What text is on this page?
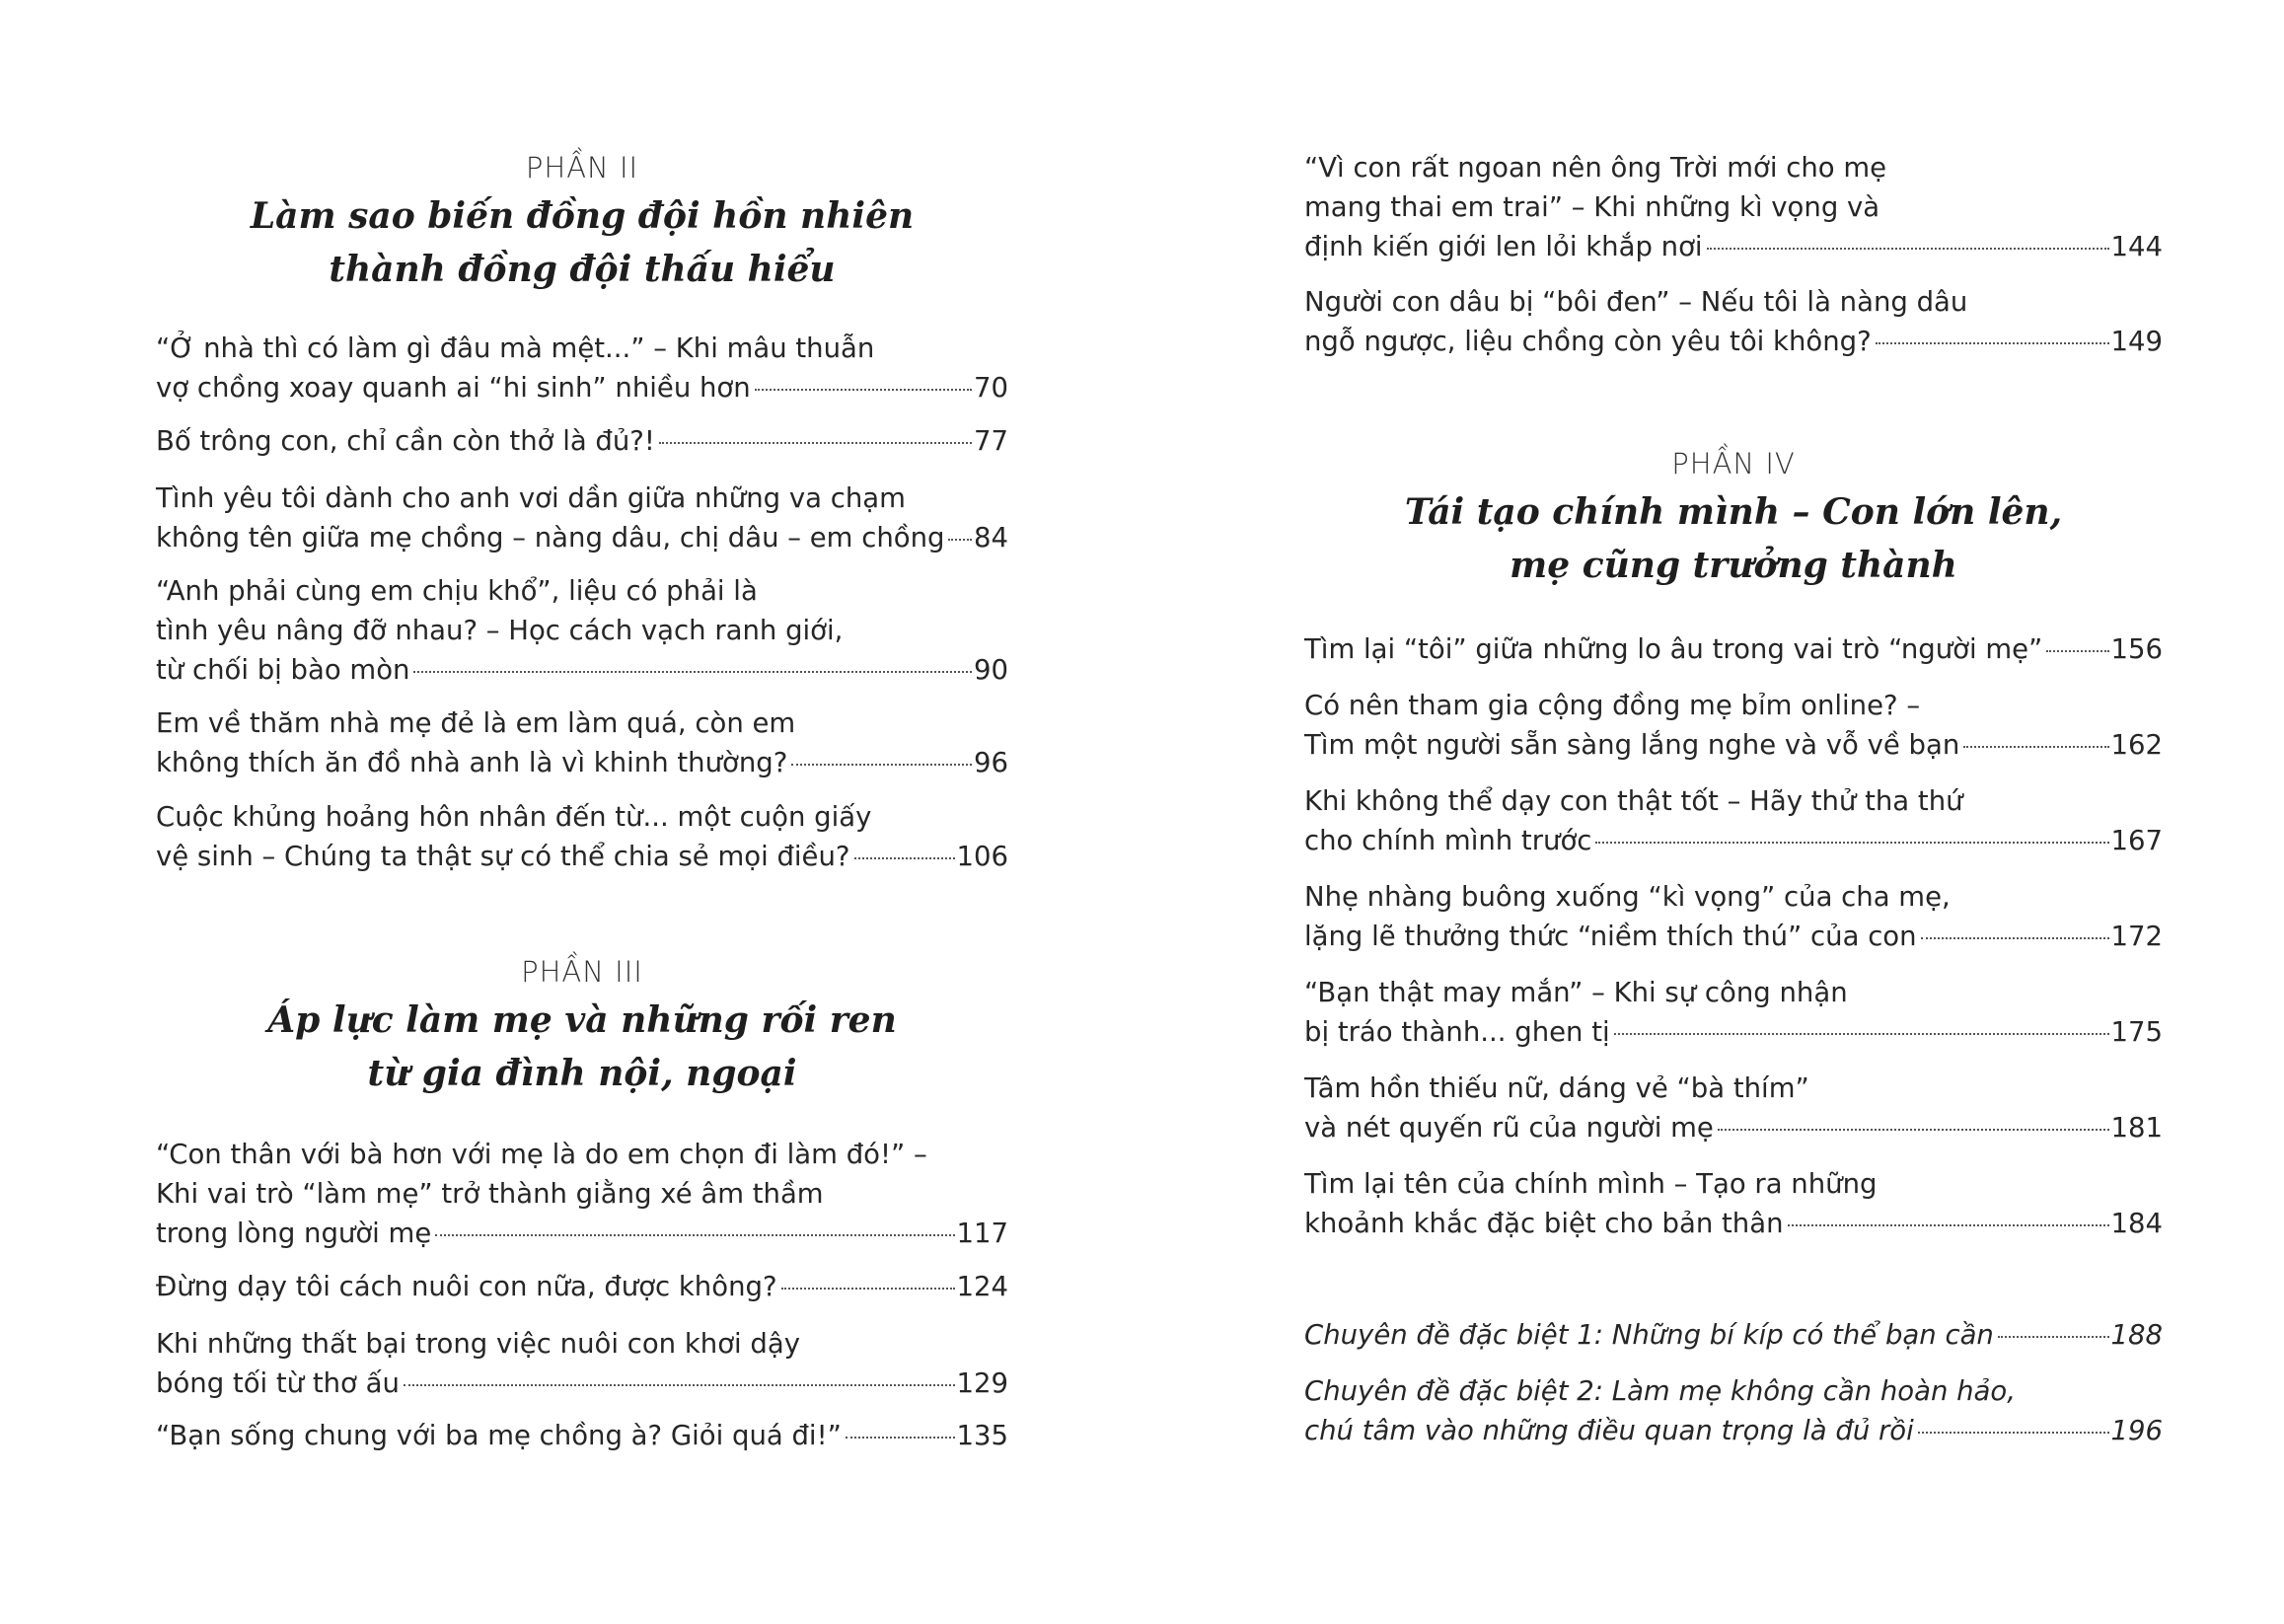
PHẦN II
Làm sao biến đồng đội hồn nhiên
thành đồng đội thấu hiểu
“Ở nhà thì có làm gì đâu mà mệt...” – Khi mâu thuẫn
vợ chồng xoay quanh ai “hi sinh” nhiều hơn	70
Bố trông con, chỉ cần còn thở là đủ?!	77
Tình yêu tôi dành cho anh vơi dần giữa những va chạm
không tên giữa mẹ chồng – nàng dâu, chị dâu – em chồng 84
“Anh phải cùng em chịu khổ”, liệu có phải là
tình yêu nâng đỡ nhau? – Học cách vạch ranh giới,
từ chối bị bào mòn	90
Em về thăm nhà mẹ đẻ là em làm quá, còn em
không thích ăn đồ nhà anh là vì khinh thường?	96
Cuộc khủng hoảng hôn nhân đến từ... một cuộn giấy
vệ sinh – Chúng ta thật sự có thể chia sẻ mọi điều?	106
PHẦN III
Áp lực làm mẹ và những rối ren
từ gia đình nội, ngoại
“Con thân với bà hơn với mẹ là do em chọn đi làm đó!” –
Khi vai trò “làm mẹ” trở thành giằng xé âm thầm
trong lòng người mẹ	117
Đừng dạy tôi cách nuôi con nữa, được không?	124
Khi những thất bại trong việc nuôi con khơi dậy
bóng tối từ thơ ấu	129
“Bạn sống chung với ba mẹ chồng à? Giỏi quá đi!”	135
“Vì con rất ngoan nên ông Trời mới cho mẹ
mang thai em trai” – Khi những kì vọng và
định kiến giới len lỏi khắp nơi	144
Người con dâu bị “bôi đen” – Nếu tôi là nàng dâu
ngỗ ngược, liệu chồng còn yêu tôi không?	149
PHẦN IV
Tái tạo chính mình – Con lớn lên,
mẹ cũng trưởng thành
Tìm lại “tôi” giữa những lo âu trong vai trò “người mẹ”	156
Có nên tham gia cộng đồng mẹ bỉm online? –
Tìm một người sẵn sàng lắng nghe và vỗ về bạn	162
Khi không thể dạy con thật tốt – Hãy thử tha thứ
cho chính mình trước	167
Nhẹ nhàng buông xuống “kì vọng” của cha mẹ,
lặng lẽ thưởng thức “niềm thích thú” của con	172
“Bạn thật may mắn” – Khi sự công nhận
bị tráo thành... ghen tị	175
Tâm hồn thiếu nữ, dáng vẻ “bà thím”
và nét quyến rũ của người mẹ	181
Tìm lại tên của chính mình – Tạo ra những
khoảnh khắc đặc biệt cho bản thân	184
Chuyên đề đặc biệt 1: Những bí kíp có thể bạn cần	188
Chuyên đề đặc biệt 2: Làm mẹ không cần hoàn hảo,
chú tâm vào những điều quan trọng là đủ rồi	196
